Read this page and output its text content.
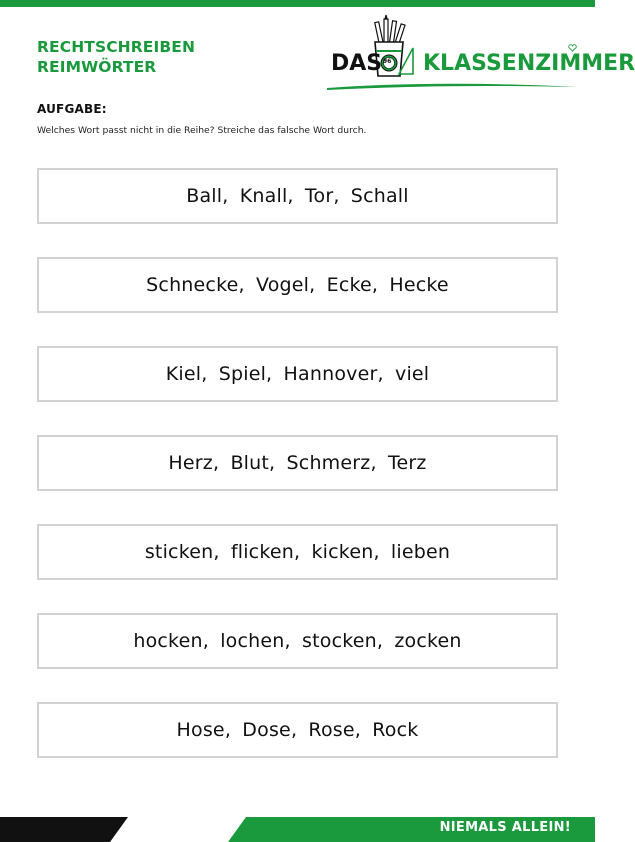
RECHTSCHREIBEN
REIMWÖRTER	DAS KLASSENZIMMER
96
AUFGABE:
Welches Wort passt nicht in die Reihe? Streiche das falsche Wort durch.
Ball, Knall, Tor, Schall
Schnecke, Vogel, Ecke, Hecke
Kiel, Spiel, Hannover, viel
Herz, Blut, Schmerz, Terz
sticken, flicken, kicken, lieben
hocken, lochen, stocken, zocken
Hose, Dose, Rose, Rock
NIEMALS ALLEIN!
